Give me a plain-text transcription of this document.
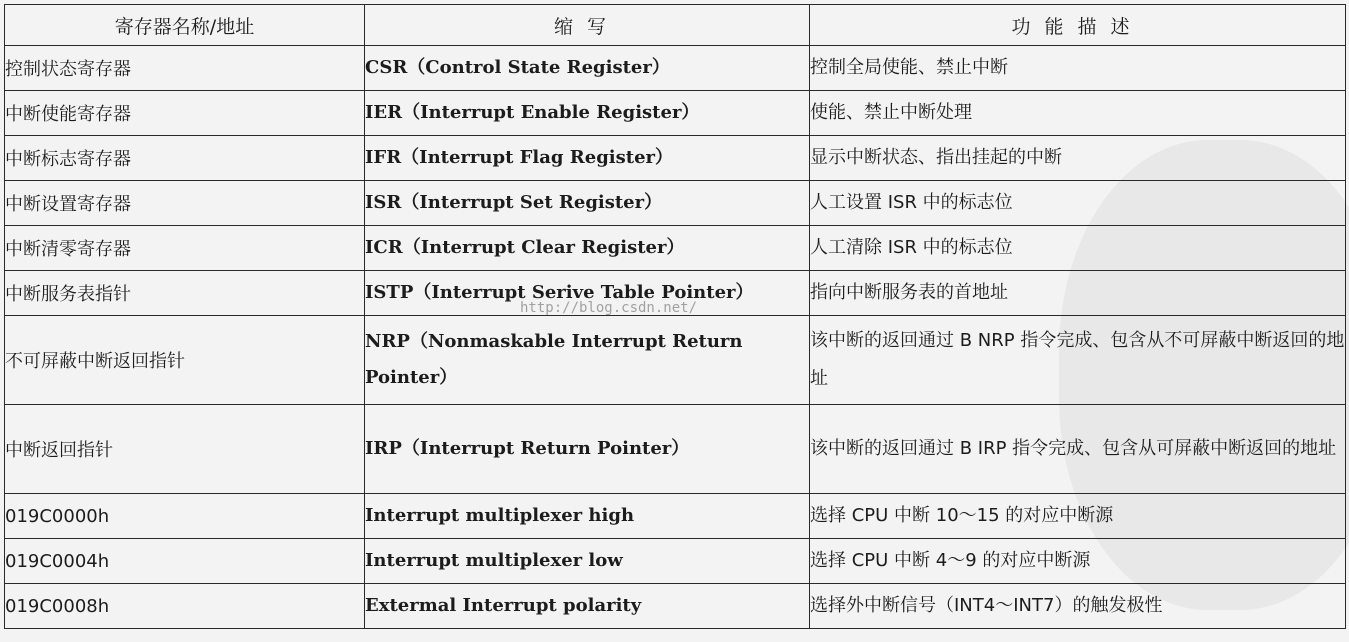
寄存器名称/地址	缩写	功能描述
控制状态寄存器	CSR（Control State Register）	控制全局使能、禁止中断
中断使能寄存器	IER（Interrupt Enable Register）	使能、禁止中断处理
中断标志寄存器	IFR（Interrupt Flag Register）	显示中断状态、指出挂起的中断
中断设置寄存器	ISR（Interrupt Set Register）	人工设置 ISR 中的标志位
中断清零寄存器	ICR（Interrupt Clear Register）	人工清除 ISR 中的标志位
中断服务表指针	ISTP（Interrupt Serive Table Pointer）	指向中断服务表的首地址
不可屏蔽中断返回指针	NRP（Nonmaskable Interrupt Return Pointer）	该中断的返回通过 B NRP 指令完成、包含从不可屏蔽中断返回的地址
中断返回指针	IRP（Interrupt Return Pointer）	该中断的返回通过 B IRP 指令完成、包含从可屏蔽中断返回的地址
019C0000h	Interrupt multiplexer high	选择 CPU 中断 10～15 的对应中断源
019C0004h	Interrupt multiplexer low	选择 CPU 中断 4～9 的对应中断源
019C0008h	Extermal Interrupt polarity	选择外中断信号（INT4～INT7）的触发极性
http://blog.csdn.net/
